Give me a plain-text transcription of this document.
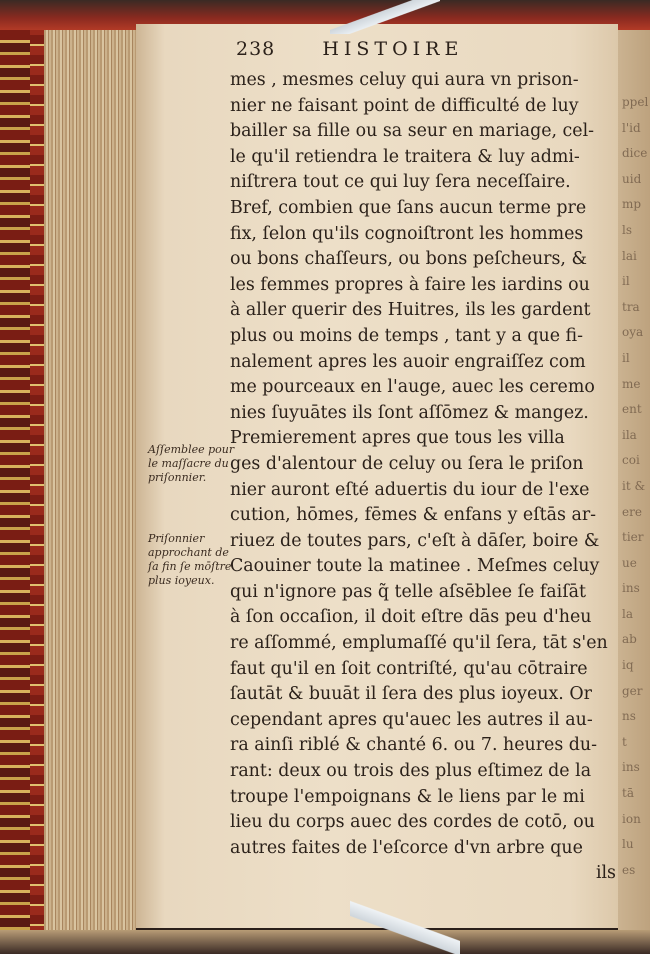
238 HISTOIRE
mes , mesmes celuy qui aura vn prison-
nier ne faisant point de difficulté de luy
bailler sa fille ou sa seur en mariage, cel-
le qu'il retiendra le traitera & luy admi-
niſtrera tout ce qui luy ſera neceſſaire.
Bref, combien que ſans aucun terme pre
fix, ſelon qu'ils cognoiſtront les hommes
ou bons chaſſeurs, ou bons peſcheurs, &
les femmes propres à faire les iardins ou
à aller querir des Huitres, ils les gardent
plus ou moins de temps , tant y a que fi-
nalement apres les auoir engraiſſez com
me pourceaux en l'auge, auec les ceremo
nies ſuyuātes ils ſont aſſōmez & mangez.
Premierement apres que tous les villa
ges d'alentour de celuy ou ſera le priſon
nier auront eſté aduertis du iour de l'exe
cution, hōmes, fēmes & enfans y eſtās ar-
riuez de toutes pars, c'eſt à dāſer, boire &
Caouiner toute la matinee . Meſmes celuy
qui n'ignore pas q̃ telle aſsēblee ſe faiſāt
à ſon occaſion, il doit eſtre dās peu d'heu
re aſſommé, emplumaſſé qu'il ſera, tāt s'en
faut qu'il en ſoit contriſté, qu'au cōtraire
ſautāt & buuāt il ſera des plus ioyeux. Or
cependant apres qu'auec les autres il au-
ra ainſi riblé & chanté 6. ou 7. heures du-
rant: deux ou trois des plus eſtimez de la
troupe l'empoignans & le liens par le mi
lieu du corps auec des cordes de cotō, ou
autres faites de l'eſcorce d'vn arbre que
ils
Aſſemblee pour le maſſacre du priſonnier.
Priſonnier approchant de ſa fin ſe mōſtre plus ioyeux.
ppel
l'id
dice
uid
mp
ls
lai
il
tra
oya
il
me
ent
ila
coi
it &
ere
tier
ue
ins
la
ab
iq
ger
ns
t
ins
tā
ion
lu
es
